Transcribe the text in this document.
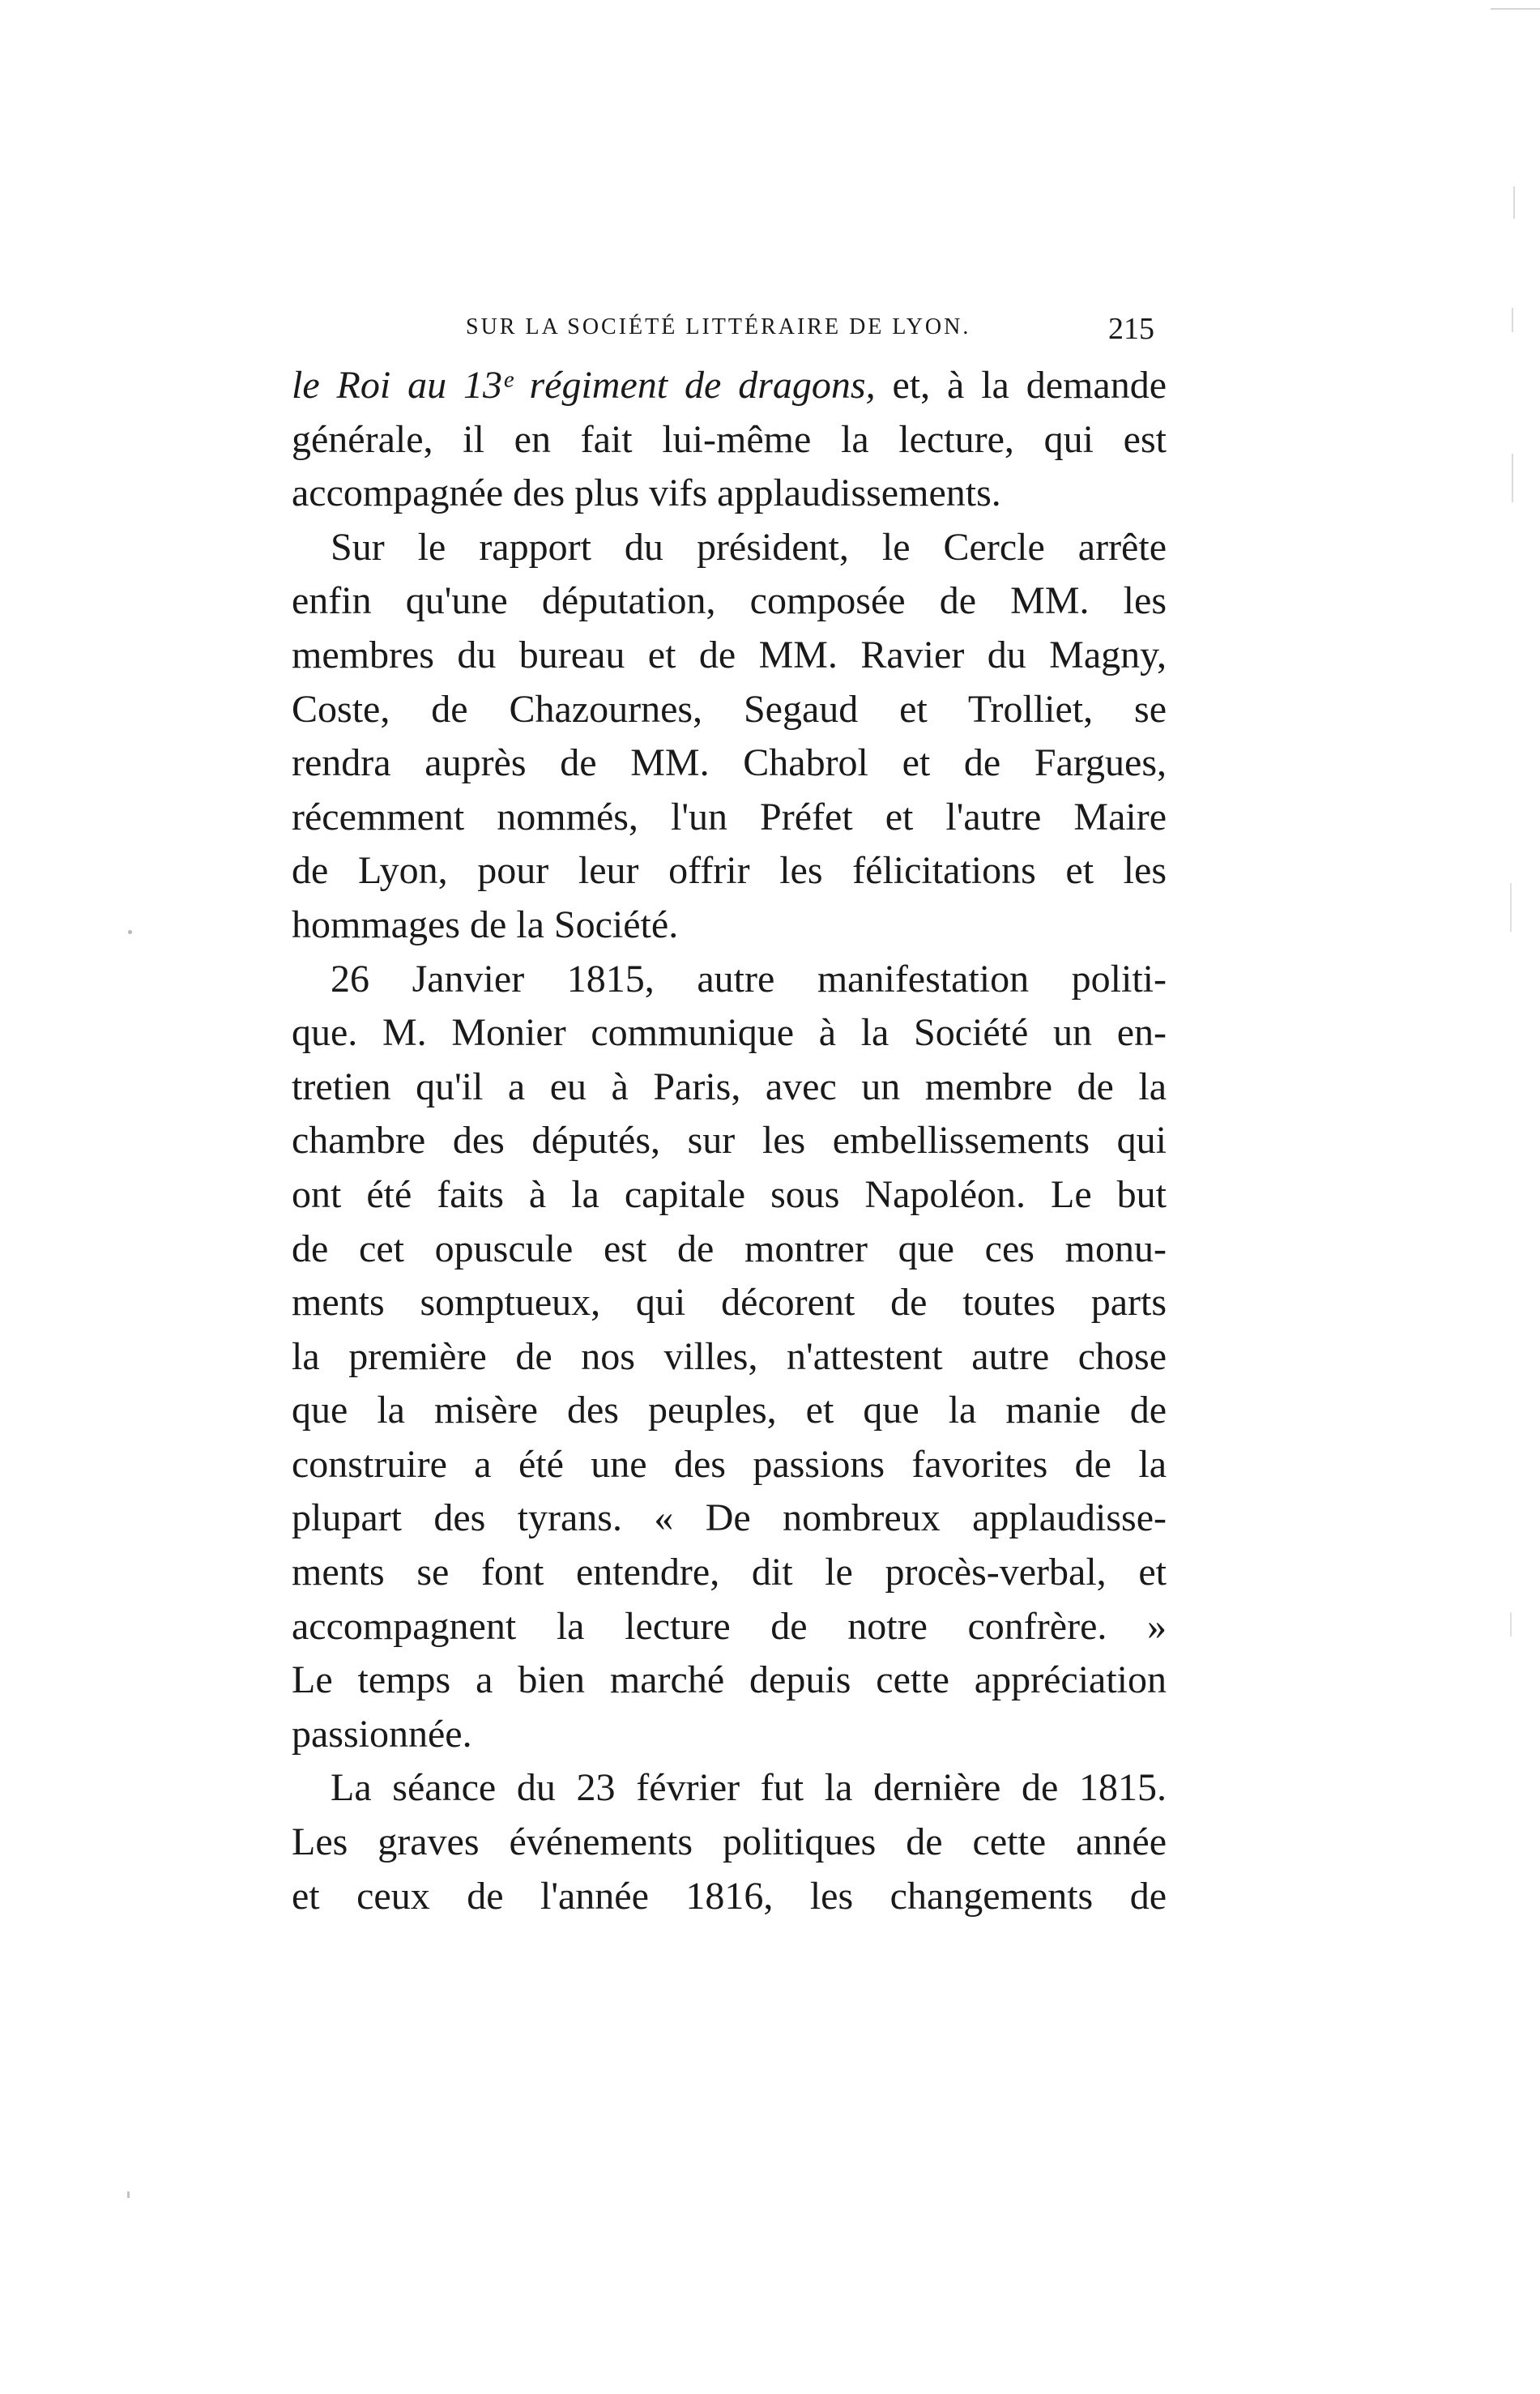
SUR LA SOCIÉTÉ LITTÉRAIRE DE LYON.	215
le Roi au 13ᵉ régiment de dragons, et, à la demande
générale, il en fait lui-même la lecture, qui est
accompagnée des plus vifs applaudissements.
Sur le rapport du président, le Cercle arrête
enfin qu'une députation, composée de MM. les
membres du bureau et de MM. Ravier du Magny,
Coste, de Chazournes, Segaud et Trolliet, se
rendra auprès de MM. Chabrol et de Fargues,
récemment nommés, l'un Préfet et l'autre Maire
de Lyon, pour leur offrir les félicitations et les
hommages de la Société.
26 Janvier 1815, autre manifestation politi-
que. M. Monier communique à la Société un en-
tretien qu'il a eu à Paris, avec un membre de la
chambre des députés, sur les embellissements qui
ont été faits à la capitale sous Napoléon. Le but
de cet opuscule est de montrer que ces monu-
ments somptueux, qui décorent de toutes parts
la première de nos villes, n'attestent autre chose
que la misère des peuples, et que la manie de
construire a été une des passions favorites de la
plupart des tyrans. « De nombreux applaudisse-
ments se font entendre, dit le procès-verbal, et
accompagnent la lecture de notre confrère. »
Le temps a bien marché depuis cette appréciation
passionnée.
La séance du 23 février fut la dernière de 1815.
Les graves événements politiques de cette année
et ceux de l'année 1816, les changements de
